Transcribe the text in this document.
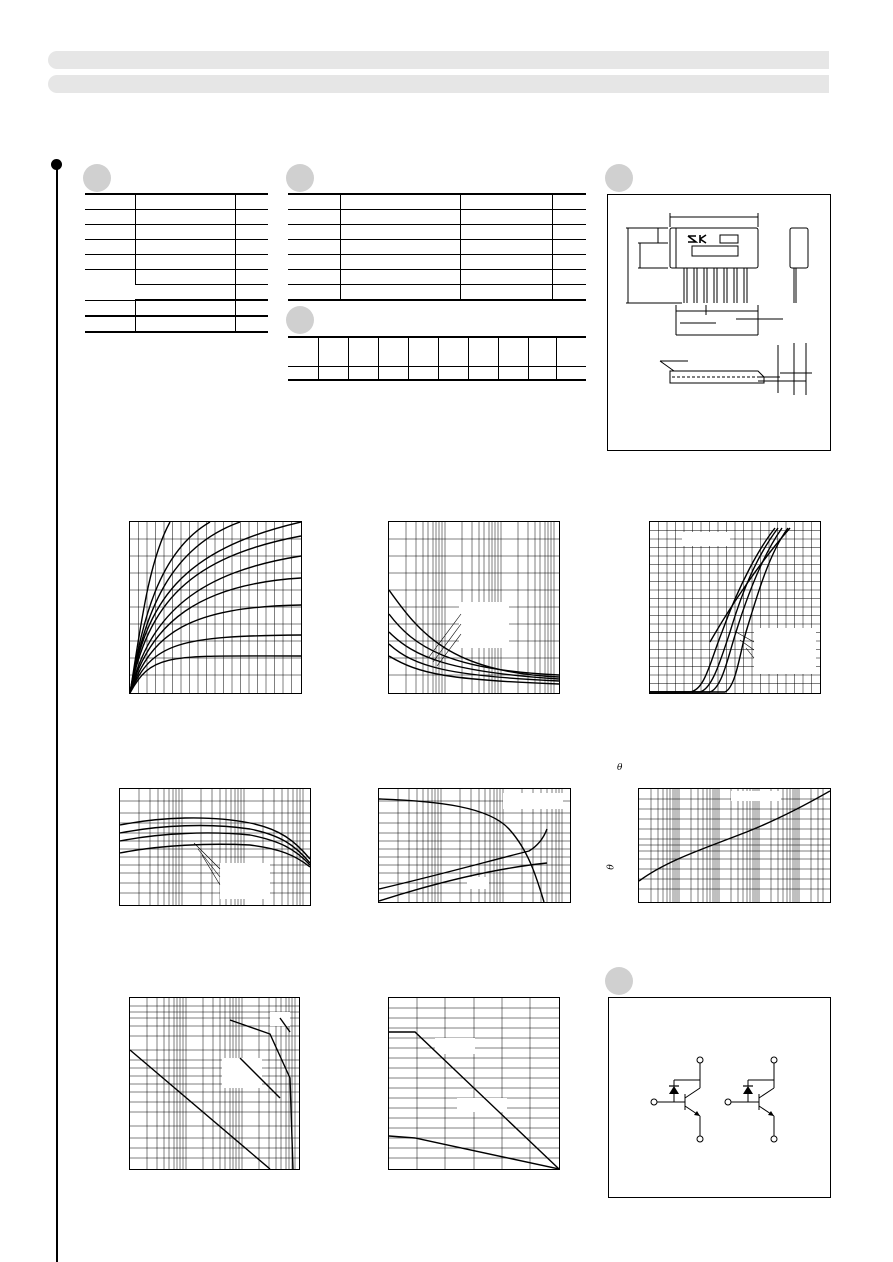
θ
θ
